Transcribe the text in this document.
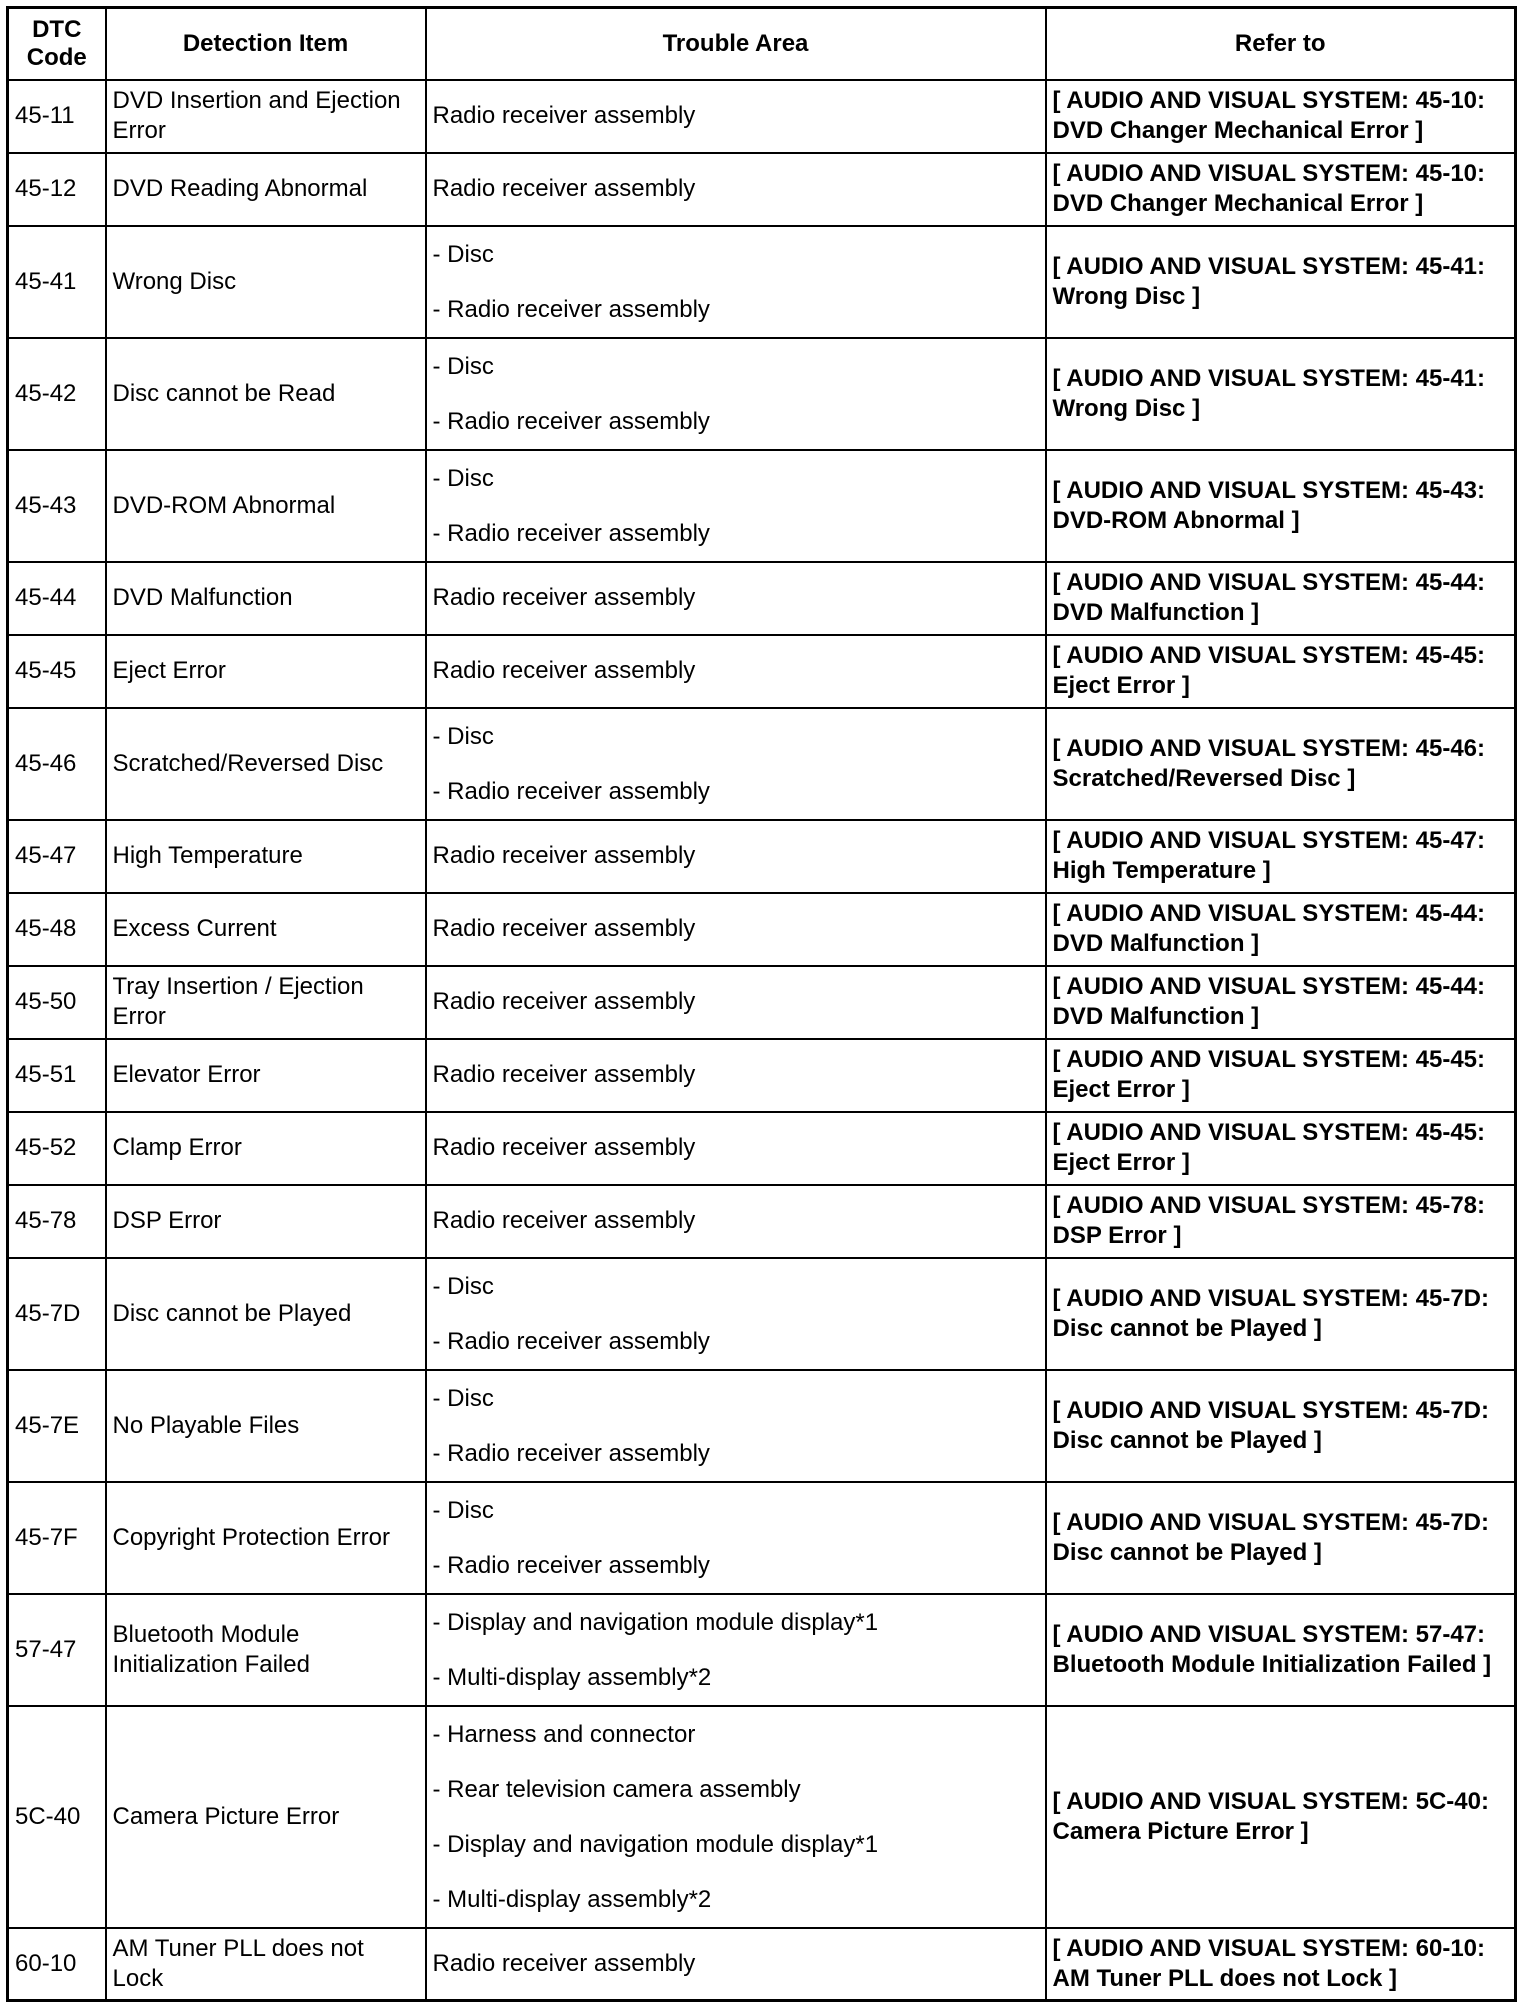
DTC Code	Detection Item	Trouble Area	Refer to
45-11	DVD Insertion and Ejection Error	Radio receiver assembly	[ AUDIO AND VISUAL SYSTEM: 45-10: DVD Changer Mechanical Error ]
45-12	DVD Reading Abnormal	Radio receiver assembly	[ AUDIO AND VISUAL SYSTEM: 45-10: DVD Changer Mechanical Error ]
45-41	Wrong Disc	- Disc
- Radio receiver assembly	[ AUDIO AND VISUAL SYSTEM: 45-41: Wrong Disc ]
45-42	Disc cannot be Read	- Disc
- Radio receiver assembly	[ AUDIO AND VISUAL SYSTEM: 45-41: Wrong Disc ]
45-43	DVD-ROM Abnormal	- Disc
- Radio receiver assembly	[ AUDIO AND VISUAL SYSTEM: 45-43: DVD-ROM Abnormal ]
45-44	DVD Malfunction	Radio receiver assembly	[ AUDIO AND VISUAL SYSTEM: 45-44: DVD Malfunction ]
45-45	Eject Error	Radio receiver assembly	[ AUDIO AND VISUAL SYSTEM: 45-45: Eject Error ]
45-46	Scratched/Reversed Disc	- Disc
- Radio receiver assembly	[ AUDIO AND VISUAL SYSTEM: 45-46: Scratched/Reversed Disc ]
45-47	High Temperature	Radio receiver assembly	[ AUDIO AND VISUAL SYSTEM: 45-47: High Temperature ]
45-48	Excess Current	Radio receiver assembly	[ AUDIO AND VISUAL SYSTEM: 45-44: DVD Malfunction ]
45-50	Tray Insertion / Ejection Error	Radio receiver assembly	[ AUDIO AND VISUAL SYSTEM: 45-44: DVD Malfunction ]
45-51	Elevator Error	Radio receiver assembly	[ AUDIO AND VISUAL SYSTEM: 45-45: Eject Error ]
45-52	Clamp Error	Radio receiver assembly	[ AUDIO AND VISUAL SYSTEM: 45-45: Eject Error ]
45-78	DSP Error	Radio receiver assembly	[ AUDIO AND VISUAL SYSTEM: 45-78: DSP Error ]
45-7D	Disc cannot be Played	- Disc
- Radio receiver assembly	[ AUDIO AND VISUAL SYSTEM: 45-7D: Disc cannot be Played ]
45-7E	No Playable Files	- Disc
- Radio receiver assembly	[ AUDIO AND VISUAL SYSTEM: 45-7D: Disc cannot be Played ]
45-7F	Copyright Protection Error	- Disc
- Radio receiver assembly	[ AUDIO AND VISUAL SYSTEM: 45-7D: Disc cannot be Played ]
57-47	Bluetooth Module Initialization Failed	- Display and navigation module display*1
- Multi-display assembly*2	[ AUDIO AND VISUAL SYSTEM: 57-47: Bluetooth Module Initialization Failed ]
5C-40	Camera Picture Error	- Harness and connector
- Rear television camera assembly
- Display and navigation module display*1
- Multi-display assembly*2	[ AUDIO AND VISUAL SYSTEM: 5C-40: Camera Picture Error ]
60-10	AM Tuner PLL does not Lock	Radio receiver assembly	[ AUDIO AND VISUAL SYSTEM: 60-10: AM Tuner PLL does not Lock ]
